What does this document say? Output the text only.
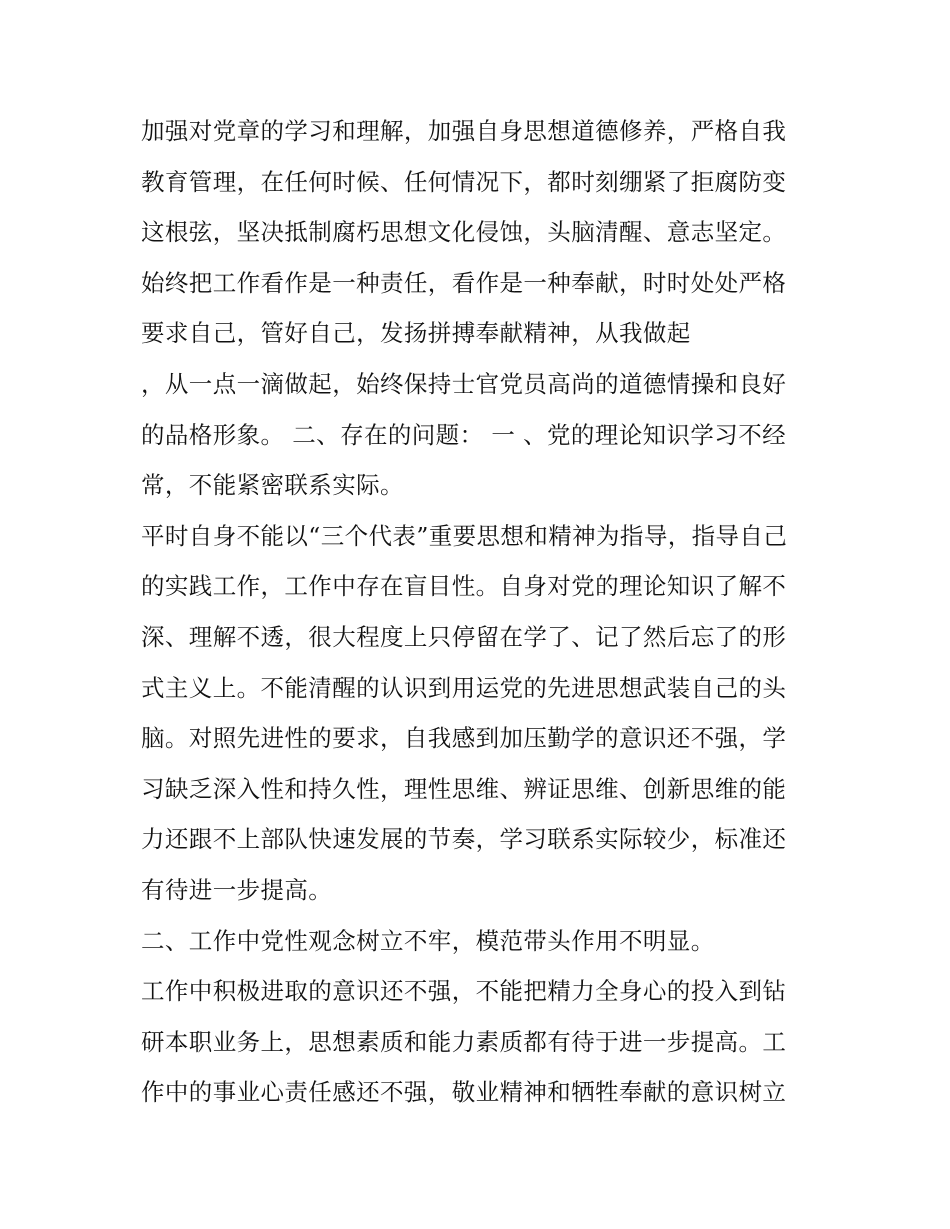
加强对党章的学习和理解，加强自身思想道德修养，严格自我
教育管理，在任何时候、任何情况下，都时刻绷紧了拒腐防变
这根弦，坚决抵制腐朽思想文化侵蚀，头脑清醒、意志坚定。
始终把工作看作是一种责任，看作是一种奉献，时时处处严格
要求自己，管好自己，发扬拼搏奉献精神，从我做起
，从一点一滴做起，始终保持士官党员高尚的道德情操和良好
的品格形象。 二、存在的问题： 一 、党的理论知识学习不经
常，不能紧密联系实际。
平时自身不能以“三个代表”重要思想和精神为指导，指导自己
的实践工作，工作中存在盲目性。自身对党的理论知识了解不
深、理解不透，很大程度上只停留在学了、记了然后忘了的形
式主义上。不能清醒的认识到用运党的先进思想武装自己的头
脑。对照先进性的要求，自我感到加压勤学的意识还不强，学
习缺乏深入性和持久性，理性思维、辨证思维、创新思维的能
力还跟不上部队快速发展的节奏，学习联系实际较少，标准还
有待进一步提高。
二、工作中党性观念树立不牢，模范带头作用不明显。
工作中积极进取的意识还不强，不能把精力全身心的投入到钻
研本职业务上，思想素质和能力素质都有待于进一步提高。工
作中的事业心责任感还不强，敬业精神和牺牲奉献的意识树立
